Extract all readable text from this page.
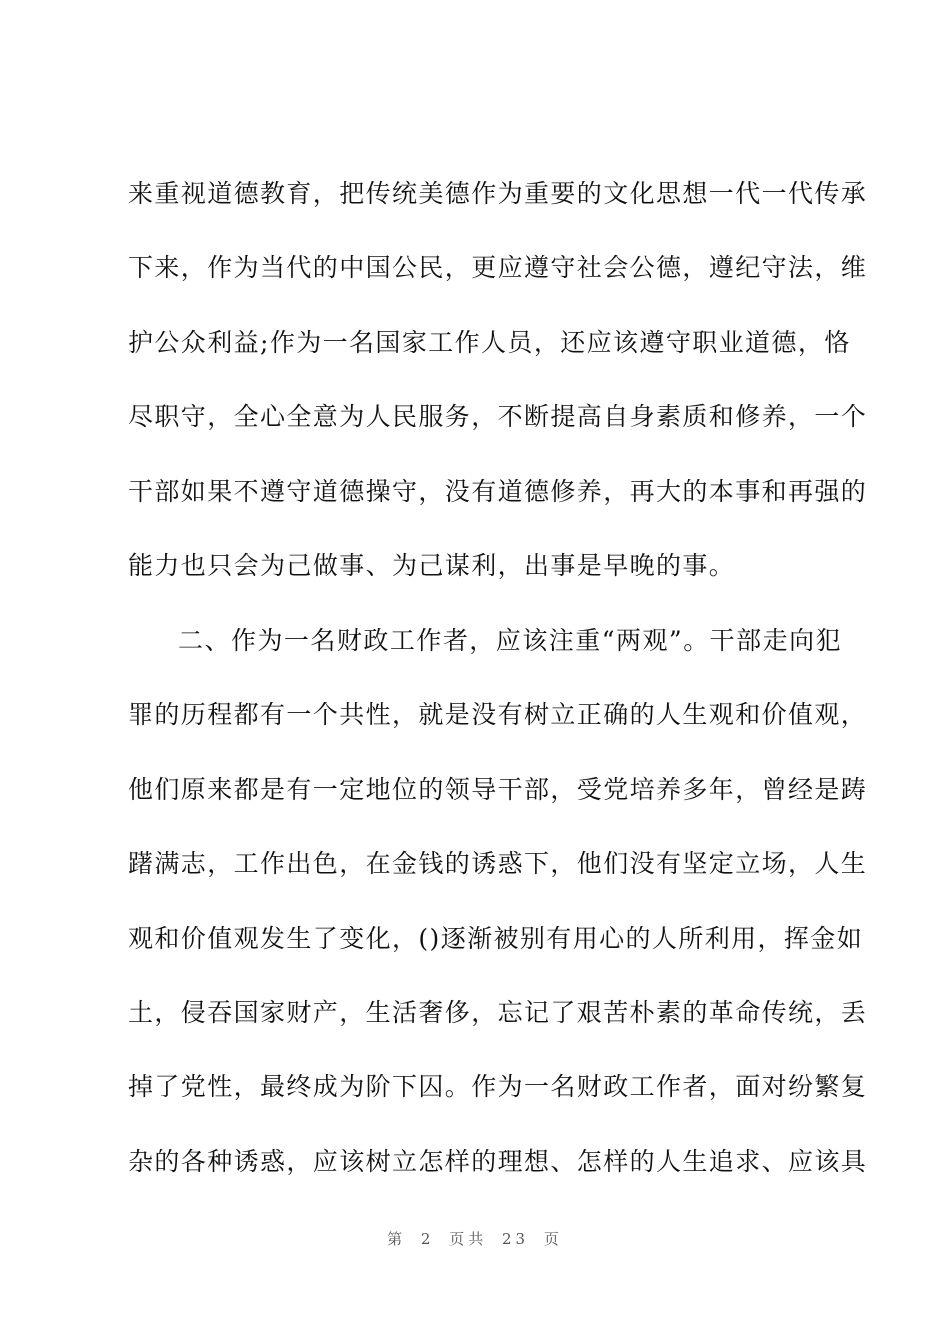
来重视道德教育，把传统美德作为重要的文化思想一代一代传承
下来，作为当代的中国公民，更应遵守社会公德，遵纪守法，维
护公众利益;作为一名国家工作人员，还应该遵守职业道德，恪
尽职守，全心全意为人民服务，不断提高自身素质和修养，一个
干部如果不遵守道德操守，没有道德修养，再大的本事和再强的
能力也只会为己做事、为己谋利，出事是早晚的事。
二、作为一名财政工作者，应该注重“两观”。干部走向犯
罪的历程都有一个共性，就是没有树立正确的人生观和价值观，
他们原来都是有一定地位的领导干部，受党培养多年，曾经是踌
躇满志，工作出色，在金钱的诱惑下，他们没有坚定立场，人生
观和价值观发生了变化，()逐渐被别有用心的人所利用，挥金如
土，侵吞国家财产，生活奢侈，忘记了艰苦朴素的革命传统，丢
掉了党性，最终成为阶下囚。作为一名财政工作者，面对纷繁复
杂的各种诱惑，应该树立怎样的理想、怎样的人生追求、应该具
第 2 页共 23 页
